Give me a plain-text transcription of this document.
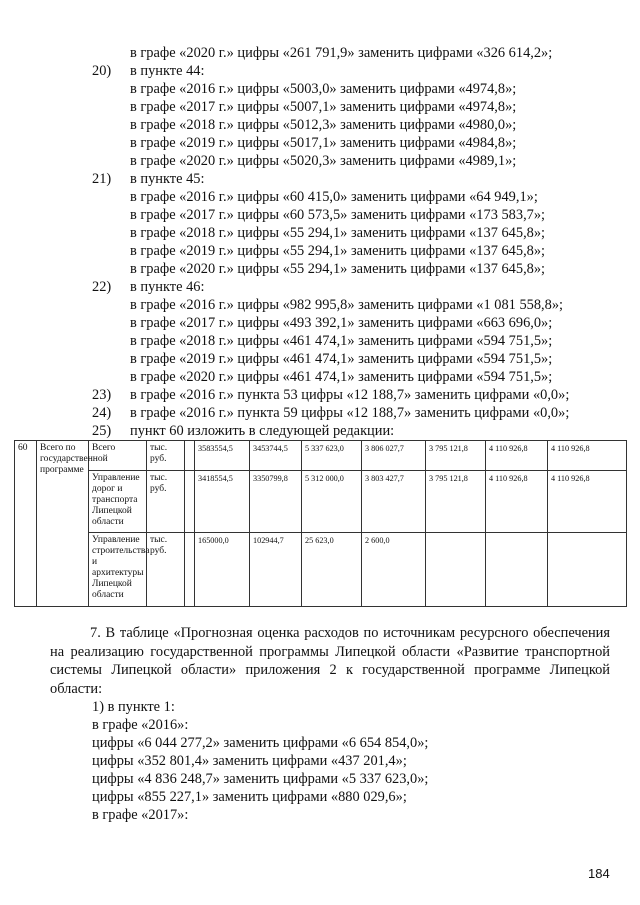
в графе «2020 г.» цифры «261 791,9» заменить цифрами «326 614,2»;
20) в пункте 44:
в графе «2016 г.» цифры «5003,0» заменить цифрами «4974,8»;
в графе «2017 г.» цифры «5007,1» заменить цифрами «4974,8»;
в графе «2018 г.» цифры «5012,3» заменить цифрами «4980,0»;
в графе «2019 г.» цифры «5017,1» заменить цифрами «4984,8»;
в графе «2020 г.» цифры «5020,3» заменить цифрами «4989,1»;
21) в пункте 45:
в графе «2016 г.» цифры «60 415,0» заменить цифрами «64 949,1»;
в графе «2017 г.» цифры «60 573,5» заменить цифрами «173 583,7»;
в графе «2018 г.» цифры «55 294,1» заменить цифрами «137 645,8»;
в графе «2019 г.» цифры «55 294,1» заменить цифрами «137 645,8»;
в графе «2020 г.» цифры «55 294,1» заменить цифрами «137 645,8»;
22) в пункте 46:
в графе «2016 г.» цифры «982 995,8» заменить цифрами «1 081 558,8»;
в графе «2017 г.» цифры «493 392,1» заменить цифрами «663 696,0»;
в графе «2018 г.» цифры «461 474,1» заменить цифрами «594 751,5»;
в графе «2019 г.» цифры «461 474,1» заменить цифрами «594 751,5»;
в графе «2020 г.» цифры «461 474,1» заменить цифрами «594 751,5»;
23) в графе «2016 г.» пункта 53 цифры «12 188,7» заменить цифрами «0,0»;
24) в графе «2016 г.» пункта 59 цифры «12 188,7» заменить цифрами «0,0»;
25) пункт 60 изложить в следующей редакции:
60	Всего по государственной программе	Всего	тыс. руб.		3583554,5	3453744,5	5 337 623,0	3 806 027,7	3 795 121,8	4 110 926,8	4 110 926,8
		Управление дорог и транспорта Липецкой области	тыс. руб.		3418554,5	3350799,8	5 312 000,0	3 803 427,7	3 795 121,8	4 110 926,8	4 110 926,8
		Управление строительства и архитектуры Липецкой области	тыс. руб.		165000,0	102944,7	25 623,0	2 600,0			

7. В таблице «Прогнозная оценка расходов по источникам ресурсного обеспечения на реализацию государственной программы Липецкой области «Развитие транспортной системы Липецкой области» приложения 2 к государственной программе Липецкой области:

1) в пункте 1:
в графе «2016»:
цифры «6 044 277,2» заменить цифрами «6 654 854,0»;
цифры «352 801,4» заменить цифрами «437 201,4»;
цифры «4 836 248,7» заменить цифрами «5 337 623,0»;
цифры «855 227,1» заменить цифрами «880 029,6»;
в графе «2017»:
184
